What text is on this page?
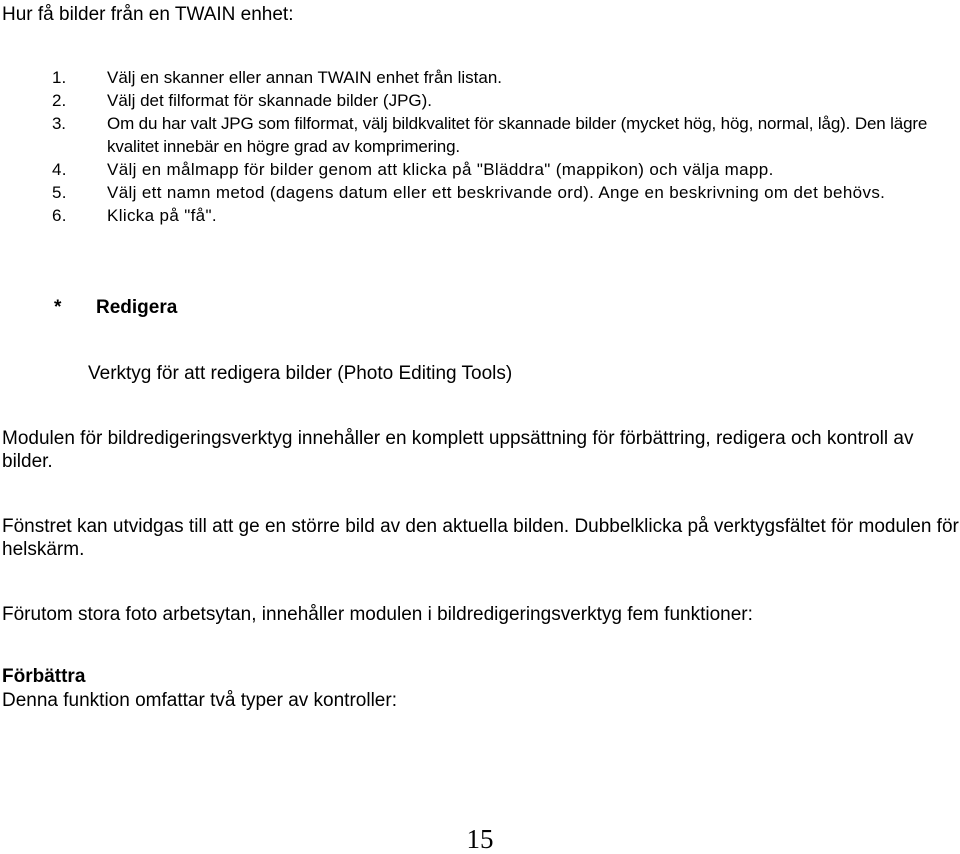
Hur få bilder från en TWAIN enhet:

1. Välj en skanner eller annan TWAIN enhet från listan.
2. Välj det filformat för skannade bilder (JPG).
3. Om du har valt JPG som filformat, välj bildkvalitet för skannade bilder (mycket hög, hög, normal, låg). Den lägre kvalitet innebär en högre grad av komprimering.
4. Välj en målmapp för bilder genom att klicka på "Bläddra" (mappikon) och välja mapp.
5. Välj ett namn metod (dagens datum eller ett beskrivande ord). Ange en beskrivning om det behövs.
6. Klicka på "få".
* Redigera

Verktyg för att redigera bilder (Photo Editing Tools)

Modulen för bildredigeringsverktyg innehåller en komplett uppsättning för förbättring, redigera och kontroll av bilder.

Fönstret kan utvidgas till att ge en större bild av den aktuella bilden. Dubbelklicka på verktygsfältet för modulen för helskärm.

Förutom stora foto arbetsytan, innehåller modulen i bildredigeringsverktyg fem funktioner:

Förbättra

Denna funktion omfattar två typer av kontroller:

15
